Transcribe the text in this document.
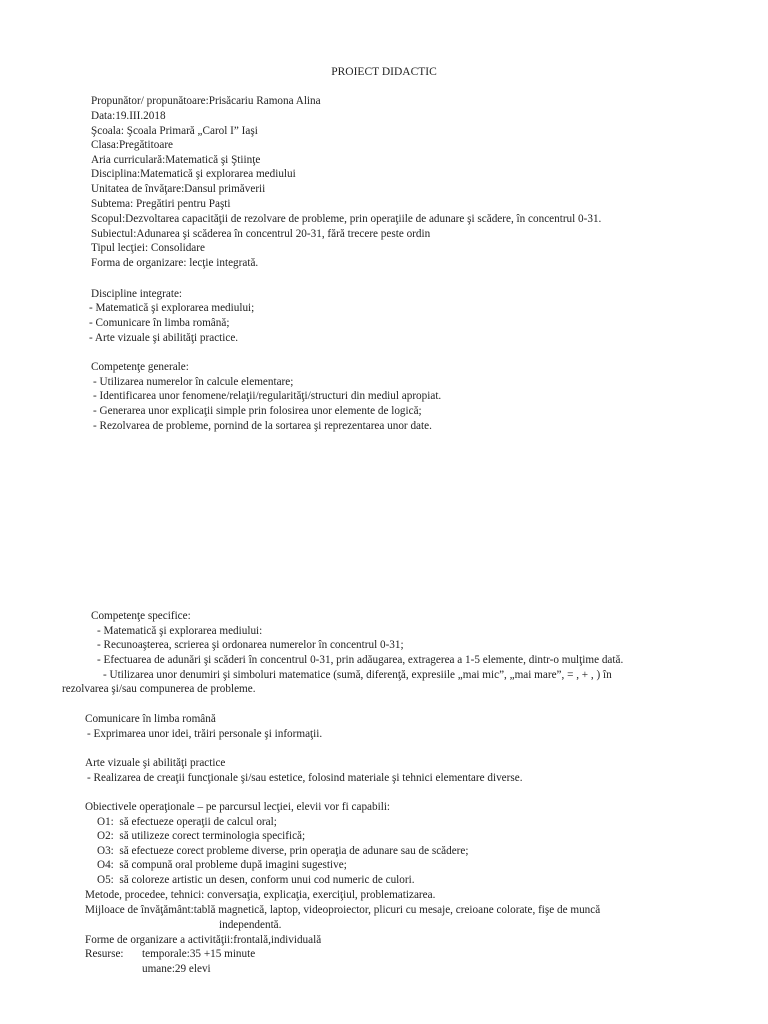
PROIECT DIDACTIC
Propunător/ propunătoare:Prisăcariu Ramona Alina
Data:19.III.2018
Şcoala: Şcoala Primară „Carol I” Iaşi
Clasa:Pregătitoare
Aria curriculară:Matematică şi Ştiinţe
Disciplina:Matematică şi explorarea mediului
Unitatea de învăţare:Dansul primăverii
Subtema: Pregătiri pentru Paşti
Scopul:Dezvoltarea capacităţii de rezolvare de probleme, prin operaţiile de adunare şi scădere, în concentrul 0-31.
Subiectul:Adunarea şi scăderea în concentrul 20-31, fără trecere peste ordin
Tipul lecţiei: Consolidare
Forma de organizare: lecţie integrată.
Discipline integrate:
- Matematică şi explorarea mediului;
- Comunicare în limba română;
- Arte vizuale şi abilităţi practice.
Competenţe generale:
- Utilizarea numerelor în calcule elementare;
- Identificarea unor fenomene/relaţii/regularităţi/structuri din mediul apropiat.
- Generarea unor explicaţii simple prin folosirea unor elemente de logică;
- Rezolvarea de probleme, pornind de la sortarea şi reprezentarea unor date.
Competenţe specifice:
- Matematică şi explorarea mediului:
- Recunoaşterea, scrierea şi ordonarea numerelor în concentrul 0-31;
- Efectuarea de adunări şi scăderi în concentrul 0-31, prin adăugarea, extragerea a 1-5 elemente, dintr-o mulţime dată.
- Utilizarea unor denumiri şi simboluri matematice (sumă, diferenţă, expresiile „mai mic”, „mai mare”, = , + , ) în
rezolvarea şi/sau compunerea de probleme.
Comunicare în limba română
- Exprimarea unor idei, trăiri personale şi informaţii.
Arte vizuale şi abilităţi practice
- Realizarea de creaţii funcţionale şi/sau estetice, folosind materiale şi tehnici elementare diverse.
Obiectivele operaţionale – pe parcursul lecţiei, elevii vor fi capabili:
O1: să efectueze operaţii de calcul oral;
O2: să utilizeze corect terminologia specifică;
O3: să efectueze corect probleme diverse, prin operaţia de adunare sau de scădere;
O4: să compună oral probleme după imagini sugestive;
O5: să coloreze artistic un desen, conform unui cod numeric de culori.
Metode, procedee, tehnici: conversaţia, explicaţia, exerciţiul, problematizarea.
Mijloace de învăţământ:tablă magnetică, laptop, videoproiector, plicuri cu mesaje, creioane colorate, fişe de muncă
independentă.
Forme de organizare a activităţii:frontală,individuală
Resurse: temporale:35 +15 minute
umane:29 elevi
